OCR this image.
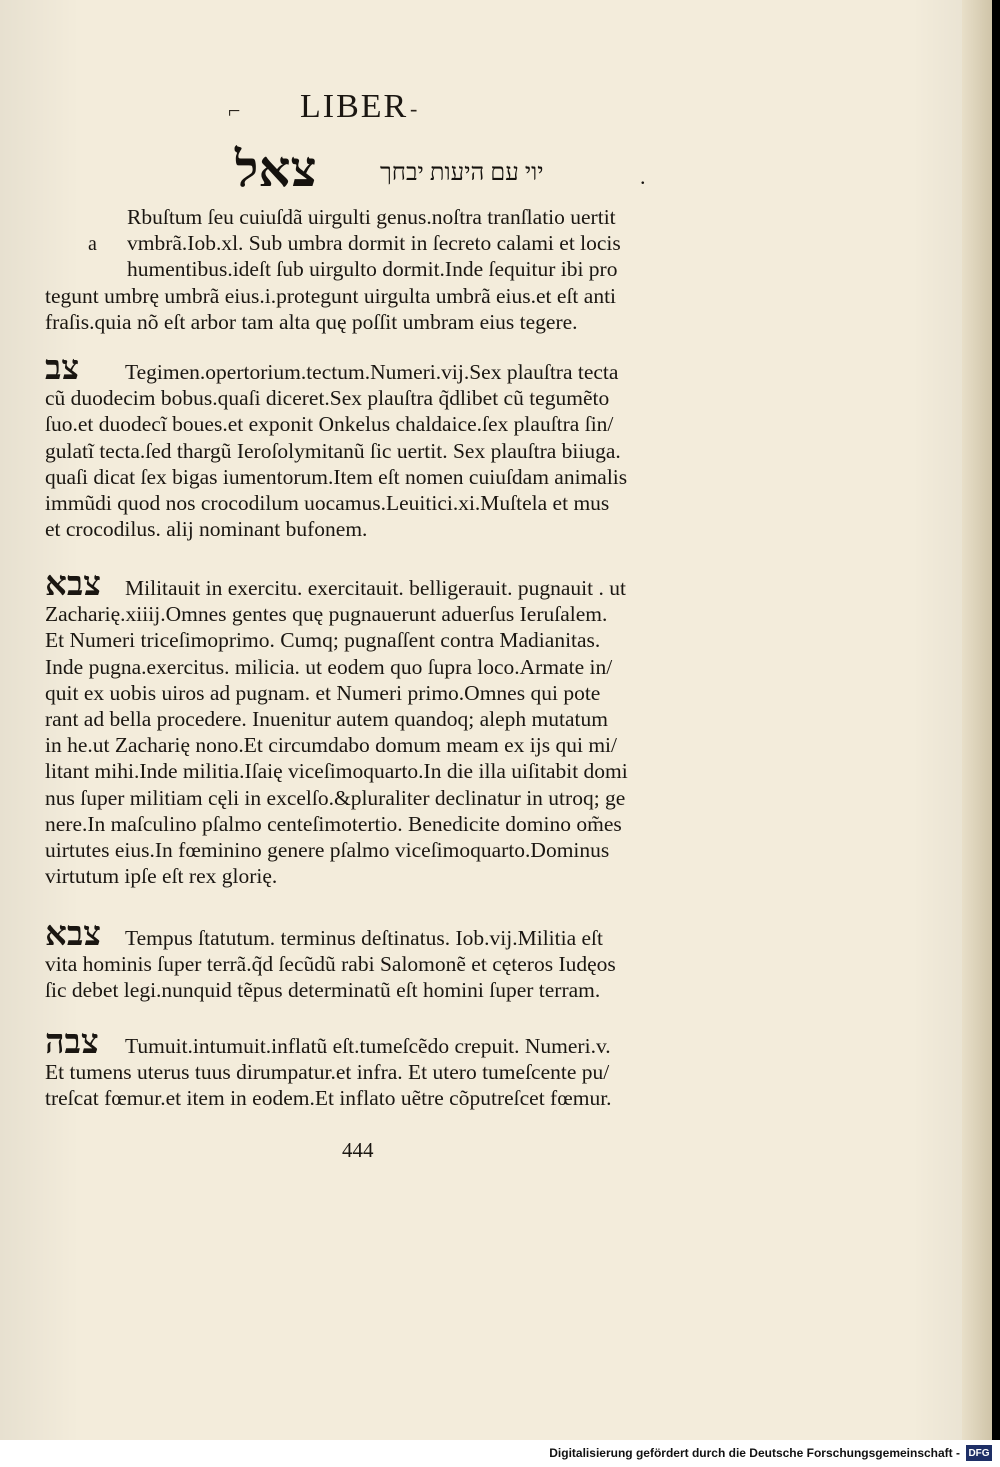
⌐ LIBER -
צאל	יוי עם היעות יבחך	.
a
Rbuſtum ſeu cuiuſdã uirgulti genus.noſtra tranſlatio uertit
vmbrã.Iob.xl. Sub umbra dormit in ſecreto calami et locis
humentibus.ideſt ſub uirgulto dormit.Inde ſequitur ibi pro
tegunt umbrę umbrã eius.i.protegunt uirgulta umbrã eius.et eſt anti
fraſis.quia nõ eſt arbor tam alta quę poſſit umbram eius tegere.
צב	Tegimen.opertorium.tectum.Numeri.vij.Sex plauſtra tecta
cũ duodecim bobus.quaſi diceret.Sex plauſtra q̃dlibet cũ tegumẽto
ſuo.et duodecĩ boues.et exponit Onkelus chaldaice.ſex plauſtra ſin/
gulatĩ tecta.ſed thargũ Ieroſolymitanũ ſic uertit. Sex plauſtra biiuga.
quaſi dicat ſex bigas iumentorum.Item eſt nomen cuiuſdam animalis
immũdi quod nos crocodilum uocamus.Leuitici.xi.Muſtela et mus
et crocodilus. alij nominant bufonem.
צבא	Militauit in exercitu. exercitauit. belligerauit. pugnauit . ut
Zacharię.xiiij.Omnes gentes quę pugnauerunt aduerſus Ieruſalem.
Et Numeri triceſimoprimo. Cumq; pugnaſſent contra Madianitas.
Inde pugna.exercitus. milicia. ut eodem quo ſupra loco.Armate in/
quit ex uobis uiros ad pugnam. et Numeri primo.Omnes qui pote
rant ad bella procedere. Inuenitur autem quandoq; aleph mutatum
in he.ut Zacharię nono.Et circumdabo domum meam ex ijs qui mi/
litant mihi.Inde militia.Iſaię viceſimoquarto.In die illa uiſitabit domi
nus ſuper militiam cęli in excelſo.&pluraliter declinatur in utroq; ge
nere.In maſculino pſalmo centeſimotertio. Benedicite domino om̃es
uirtutes eius.In fœminino genere pſalmo viceſimoquarto.Dominus
virtutum ipſe eſt rex glorię.
צבא	Tempus ſtatutum. terminus deſtinatus. Iob.vij.Militia eſt
vita hominis ſuper terrã.q̃d ſecũdũ rabi Salomonẽ et cęteros Iudęos
ſic debet legi.nunquid tẽpus determinatũ eſt homini ſuper terram.
צבה	Tumuit.intumuit.inflatũ eſt.tumeſcẽdo crepuit. Numeri.v.
Et tumens uterus tuus dirumpatur.et infra. Et utero tumeſcente pu/
treſcat fœmur.et item in eodem.Et inflato uẽtre cõputreſcet fœmur.
444
Digitalisierung gefördert durch die Deutsche Forschungsgemeinschaft - DFG
